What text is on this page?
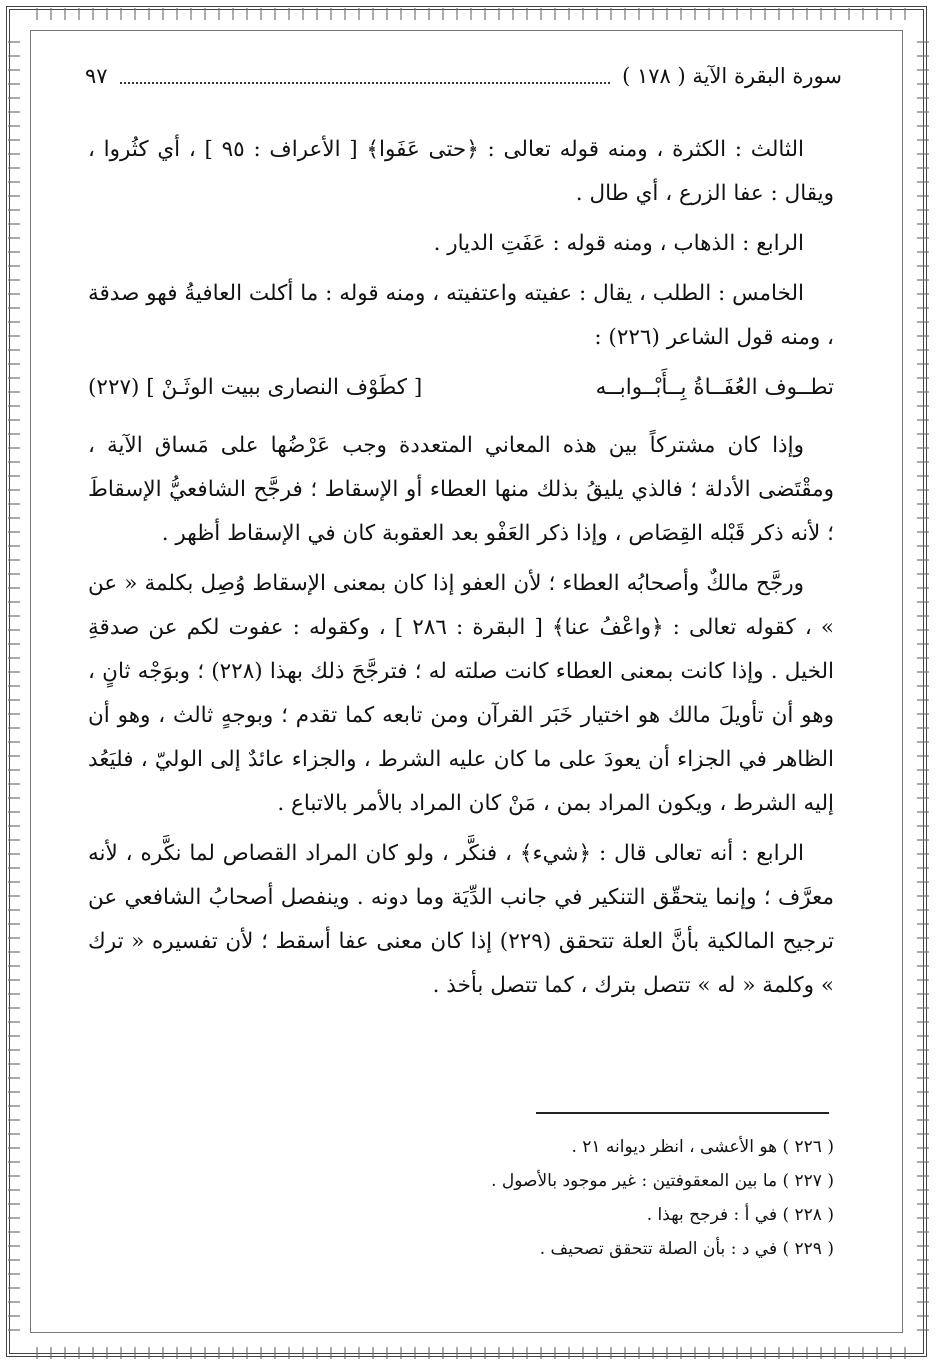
سورة البقرة الآية ( ١٧٨ )
٩٧

الثالث : الكثرة ، ومنه قوله تعالى : ﴿حتى عَفَوا﴾ [ الأعراف : ٩٥ ] ، أي كثُروا ، ويقال : عفا الزرع ، أي طال .

الرابع : الذهاب ، ومنه قوله : عَفَتِ الديار .

الخامس : الطلب ، يقال : عفيته واعتفيته ، ومنه قوله : ما أكلت العافيةُ فهو صدقة ، ومنه قول الشاعر (٢٢٦) :

تطــوف العُفَــاةُ بِــأَبْــوابــه
[ كطَوْف النصارى ببيت الوثَـنْ ] (٢٢٧)

وإذا كان مشتركاً بين هذه المعاني المتعددة وجب عَرْضُها على مَساق الآية ، ومقْتَضى الأدلة ؛ فالذي يليقُ بذلك منها العطاء أو الإسقاط ؛ فرجَّح الشافعيُّ الإسقاطَ ؛ لأنه ذكر قَبْله القِصَاص ، وإذا ذكر العَفْو بعد العقوبة كان في الإسقاط أظهر .

ورجَّح مالكٌ وأصحابُه العطاء ؛ لأن العفو إذا كان بمعنى الإسقاط وُصِل بكلمة « عن » ، كقوله تعالى : ﴿واعْفُ عنا﴾ [ البقرة : ٢٨٦ ] ، وكقوله : عفوت لكم عن صدقةِ الخيل . وإذا كانت بمعنى العطاء كانت صلته له ؛ فترجَّحَ ذلك بهذا (٢٢٨) ؛ وبوَجْه ثانٍ ، وهو أن تأويلَ مالك هو اختيار خَبَر القرآن ومن تابعه كما تقدم ؛ وبوجهٍ ثالث ، وهو أن الظاهر في الجزاء أن يعودَ على ما كان عليه الشرط ، والجزاء عائدٌ إلى الوليّ ، فليَعُد إليه الشرط ، ويكون المراد بمن ، مَنْ كان المراد بالأمر بالاتباع .

الرابع : أنه تعالى قال : ﴿شيء﴾ ، فنكَّر ، ولو كان المراد القصاص لما نكَّره ، لأنه معرَّف ؛ وإنما يتحقّق التنكير في جانب الدِّيَة وما دونه . وينفصل أصحابُ الشافعي عن ترجيح المالكية بأنَّ العلة تتحقق (٢٢٩) إذا كان معنى عفا أسقط ؛ لأن تفسيره « ترك » وكلمة « له » تتصل بترك ، كما تتصل بأخذ .

( ٢٢٦ ) هو الأعشى ، انظر ديوانه ٢١ .
( ٢٢٧ ) ما بين المعقوفتين : غير موجود بالأصول .
( ٢٢٨ ) في أ : فرجح بهذا .
( ٢٢٩ ) في د : بأن الصلة تتحقق تصحيف .
